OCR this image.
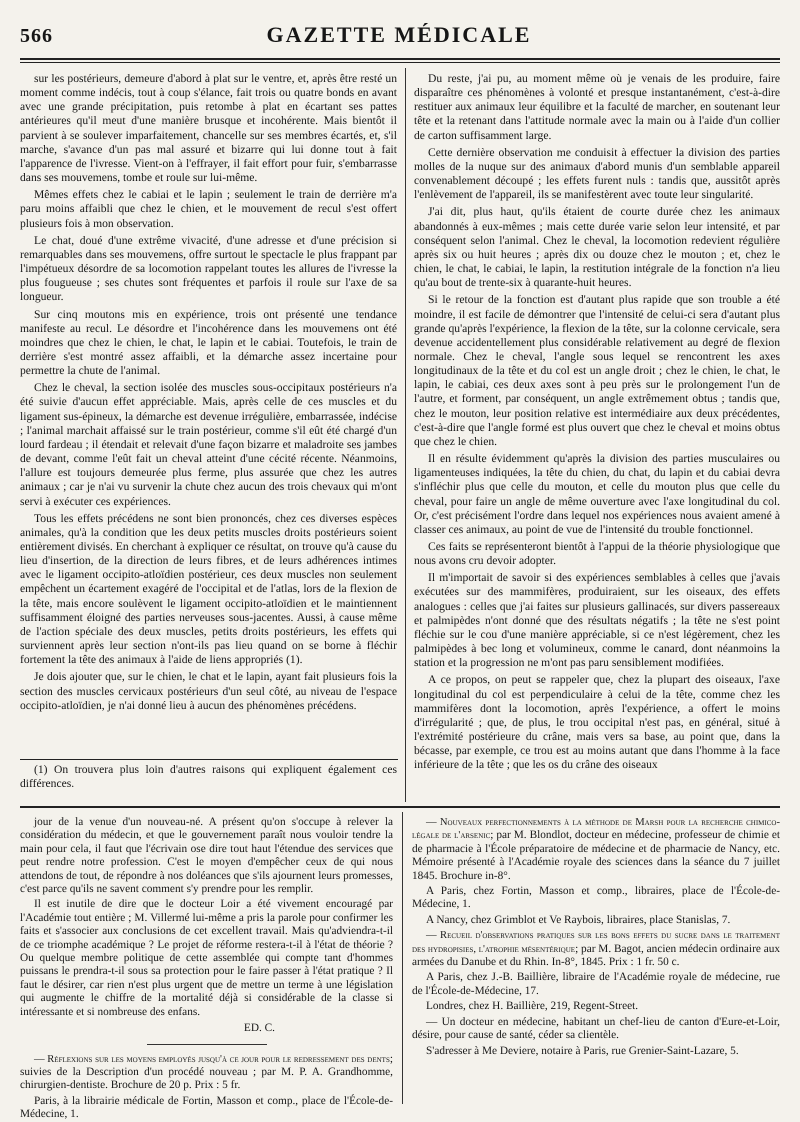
566	GAZETTE MÉDICALE

sur les postérieurs, demeure d'abord à plat sur le ventre, et, après être resté un moment comme indécis, tout à coup s'élance, fait trois ou quatre bonds en avant avec une grande précipitation, puis retombe à plat en écartant ses pattes antérieures qu'il meut d'une manière brusque et incohérente. Mais bientôt il parvient à se soulever imparfaitement, chancelle sur ses membres écartés, et, s'il marche, s'avance d'un pas mal assuré et bizarre qui lui donne tout à fait l'apparence de l'ivresse. Vient-on à l'effrayer, il fait effort pour fuir, s'embarrasse dans ses mouvemens, tombe et roule sur lui-même.

Mêmes effets chez le cabiai et le lapin ; seulement le train de derrière m'a paru moins affaibli que chez le chien, et le mouvement de recul s'est offert plusieurs fois à mon observation.

Le chat, doué d'une extrême vivacité, d'une adresse et d'une précision si remarquables dans ses mouvemens, offre surtout le spectacle le plus frappant par l'impétueux désordre de sa locomotion rappelant toutes les allures de l'ivresse la plus fougueuse ; ses chutes sont fréquentes et parfois il roule sur l'axe de sa longueur.

Sur cinq moutons mis en expérience, trois ont présenté une tendance manifeste au recul. Le désordre et l'incohérence dans les mouvemens ont été moindres que chez le chien, le chat, le lapin et le cabiai. Toutefois, le train de derrière s'est montré assez affaibli, et la démarche assez incertaine pour permettre la chute de l'animal.

Chez le cheval, la section isolée des muscles sous-occipitaux postérieurs n'a été suivie d'aucun effet appréciable. Mais, après celle de ces muscles et du ligament sus-épineux, la démarche est devenue irrégulière, embarrassée, indécise ; l'animal marchait affaissé sur le train postérieur, comme s'il eût été chargé d'un lourd fardeau ; il étendait et relevait d'une façon bizarre et maladroite ses jambes de devant, comme l'eût fait un cheval atteint d'une cécité récente. Néanmoins, l'allure est toujours demeurée plus ferme, plus assurée que chez les autres animaux ; car je n'ai vu survenir la chute chez aucun des trois chevaux qui m'ont servi à exécuter ces expériences.

Tous les effets précédens ne sont bien prononcés, chez ces diverses espèces animales, qu'à la condition que les deux petits muscles droits postérieurs soient entièrement divisés. En cherchant à expliquer ce résultat, on trouve qu'à cause du lieu d'insertion, de la direction de leurs fibres, et de leurs adhérences intimes avec le ligament occipito-atloïdien postérieur, ces deux muscles non seulement empêchent un écartement exagéré de l'occipital et de l'atlas, lors de la flexion de la tête, mais encore soulèvent le ligament occipito-atloïdien et le maintiennent suffisamment éloigné des parties nerveuses sous-jacentes. Aussi, à cause même de l'action spéciale des deux muscles, petits droits postérieurs, les effets qui surviennent après leur section n'ont-ils pas lieu quand on se borne à fléchir fortement la tête des animaux à l'aide de liens appropriés (1).

Je dois ajouter que, sur le chien, le chat et le lapin, ayant fait plusieurs fois la section des muscles cervicaux postérieurs d'un seul côté, au niveau de l'espace occipito-atloïdien, je n'ai donné lieu à aucun des phénomènes précédens.

(1) On trouvera plus loin d'autres raisons qui expliquent également ces différences.

Du reste, j'ai pu, au moment même où je venais de les produire, faire disparaître ces phénomènes à volonté et presque instantanément, c'est-à-dire restituer aux animaux leur équilibre et la faculté de marcher, en soutenant leur tête et la retenant dans l'attitude normale avec la main ou à l'aide d'un collier de carton suffisamment large.

Cette dernière observation me conduisit à effectuer la division des parties molles de la nuque sur des animaux d'abord munis d'un semblable appareil convenablement découpé ; les effets furent nuls : tandis que, aussitôt après l'enlèvement de l'appareil, ils se manifestèrent avec toute leur singularité.

J'ai dit, plus haut, qu'ils étaient de courte durée chez les animaux abandonnés à eux-mêmes ; mais cette durée varie selon leur intensité, et par conséquent selon l'animal. Chez le cheval, la locomotion redevient régulière après six ou huit heures ; après dix ou douze chez le mouton ; et, chez le chien, le chat, le cabiai, le lapin, la restitution intégrale de la fonction n'a lieu qu'au bout de trente-six à quarante-huit heures.

Si le retour de la fonction est d'autant plus rapide que son trouble a été moindre, il est facile de démontrer que l'intensité de celui-ci sera d'autant plus grande qu'après l'expérience, la flexion de la tête, sur la colonne cervicale, sera devenue accidentellement plus considérable relativement au degré de flexion normale. Chez le cheval, l'angle sous lequel se rencontrent les axes longitudinaux de la tête et du col est un angle droit ; chez le chien, le chat, le lapin, le cabiai, ces deux axes sont à peu près sur le prolongement l'un de l'autre, et forment, par conséquent, un angle extrêmement obtus ; tandis que, chez le mouton, leur position relative est intermédiaire aux deux précédentes, c'est-à-dire que l'angle formé est plus ouvert que chez le cheval et moins obtus que chez le chien.

Il en résulte évidemment qu'après la division des parties musculaires ou ligamenteuses indiquées, la tête du chien, du chat, du lapin et du cabiai devra s'infléchir plus que celle du mouton, et celle du mouton plus que celle du cheval, pour faire un angle de même ouverture avec l'axe longitudinal du col. Or, c'est précisément l'ordre dans lequel nos expériences nous avaient amené à classer ces animaux, au point de vue de l'intensité du trouble fonctionnel.

Ces faits se représenteront bientôt à l'appui de la théorie physiologique que nous avons cru devoir adopter.

Il m'importait de savoir si des expériences semblables à celles que j'avais exécutées sur des mammifères, produiraient, sur les oiseaux, des effets analogues : celles que j'ai faites sur plusieurs gallinacés, sur divers passereaux et palmipèdes n'ont donné que des résultats négatifs ; la tête ne s'est point fléchie sur le cou d'une manière appréciable, si ce n'est légèrement, chez les palmipèdes à bec long et volumineux, comme le canard, dont néanmoins la station et la progression ne m'ont pas paru sensiblement modifiées.

A ce propos, on peut se rappeler que, chez la plupart des oiseaux, l'axe longitudinal du col est perpendiculaire à celui de la tête, comme chez les mammifères dont la locomotion, après l'expérience, a offert le moins d'irrégularité ; que, de plus, le trou occipital n'est pas, en général, situé à l'extrémité postérieure du crâne, mais vers sa base, au point que, dans la bécasse, par exemple, ce trou est au moins autant que dans l'homme à la face inférieure de la tête ; que les os du crâne des oiseaux

jour de la venue d'un nouveau-né. A présent qu'on s'occupe à relever la considération du médecin, et que le gouvernement paraît nous vouloir tendre la main pour cela, il faut que l'écrivain ose dire tout haut l'étendue des services que peut rendre notre profession. C'est le moyen d'empêcher ceux de qui nous attendons de tout, de répondre à nos doléances que s'ils ajournent leurs promesses, c'est parce qu'ils ne savent comment s'y prendre pour les remplir.

Il est inutile de dire que le docteur Loir a été vivement encouragé par l'Académie tout entière ; M. Villermé lui-même a pris la parole pour confirmer les faits et s'associer aux conclusions de cet excellent travail. Mais qu'adviendra-t-il de ce triomphe académique ? Le projet de réforme restera-t-il à l'état de théorie ? Ou quelque membre politique de cette assemblée qui compte tant d'hommes puissans le prendra-t-il sous sa protection pour le faire passer à l'état pratique ? Il faut le désirer, car rien n'est plus urgent que de mettre un terme à une législation qui augmente le chiffre de la mortalité déjà si considérable de la classe si intéressante et si nombreuse des enfans.

ED. C.

— Réflexions sur les moyens employés jusqu'à ce jour pour le redressement des dents; suivies de la Description d'un procédé nouveau ; par M. P. A. Grandhomme, chirurgien-dentiste. Brochure de 20 p. Prix : 5 fr.

Paris, à la librairie médicale de Fortin, Masson et comp., place de l'École-de-Médecine, 1.

— Nouveaux perfectionnements à la méthode de Marsh pour la recherche chimico-légale de l'arsenic; par M. Blondlot, docteur en médecine, professeur de chimie et de pharmacie à l'École préparatoire de médecine et de pharmacie de Nancy, etc. Mémoire présenté à l'Académie royale des sciences dans la séance du 7 juillet 1845. Brochure in-8°.

A Paris, chez Fortin, Masson et comp., libraires, place de l'École-de-Médecine, 1.

A Nancy, chez Grimblot et Ve Raybois, libraires, place Stanislas, 7.

— Recueil d'observations pratiques sur les bons effets du sucre dans le traitement des hydropisies, l'atrophie mésentérique; par M. Bagot, ancien médecin ordinaire aux armées du Danube et du Rhin. In-8°, 1845. Prix : 1 fr. 50 c.

A Paris, chez J.-B. Baillière, libraire de l'Académie royale de médecine, rue de l'École-de-Médecine, 17.

Londres, chez H. Baillière, 219, Regent-Street.

— Un docteur en médecine, habitant un chef-lieu de canton d'Eure-et-Loir, désire, pour cause de santé, céder sa clientèle.

S'adresser à Me Deviere, notaire à Paris, rue Grenier-Saint-Lazare, 5.
